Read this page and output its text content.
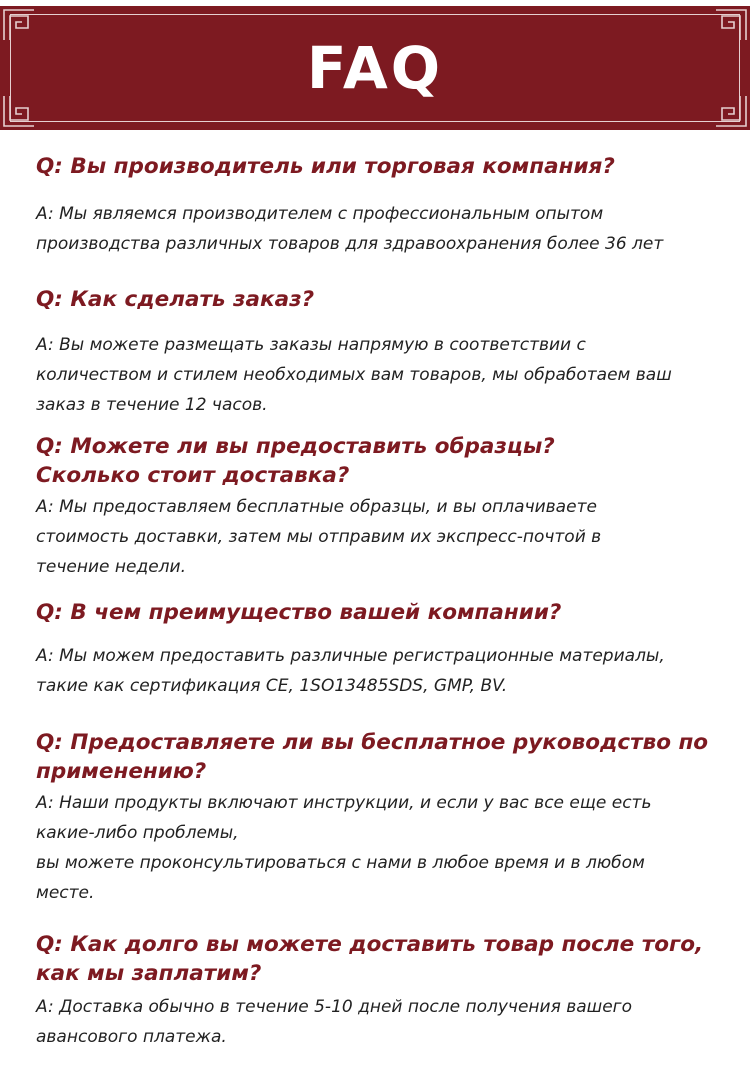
FAQ

Q: Вы производитель или торговая компания?

A: Мы являемся производителем с профессиональным опытом
производства различных товаров для здравоохранения более 36 лет

Q: Как сделать заказ?

A: Вы можете размещать заказы напрямую в соответствии с
количеством и стилем необходимых вам товаров, мы обработаем ваш
заказ в течение 12 часов.

Q: Можете ли вы предоставить образцы?
Сколько стоит доставка?

A: Мы предоставляем бесплатные образцы, и вы оплачиваете
стоимость доставки, затем мы отправим их экспресс-почтой в
течение недели.

Q: В чем преимущество вашей компании?

A: Мы можем предоставить различные регистрационные материалы,
такие как сертификация CE, 1SO13485SDS, GMP, BV.

Q: Предоставляете ли вы бесплатное руководство по
применению?

A: Наши продукты включают инструкции, и если у вас все еще есть
какие-либо проблемы,
вы можете проконсультироваться с нами в любое время и в любом
месте.

Q: Как долго вы можете доставить товар после того,
как мы заплатим?

A: Доставка обычно в течение 5-10 дней после получения вашего
авансового платежа.
